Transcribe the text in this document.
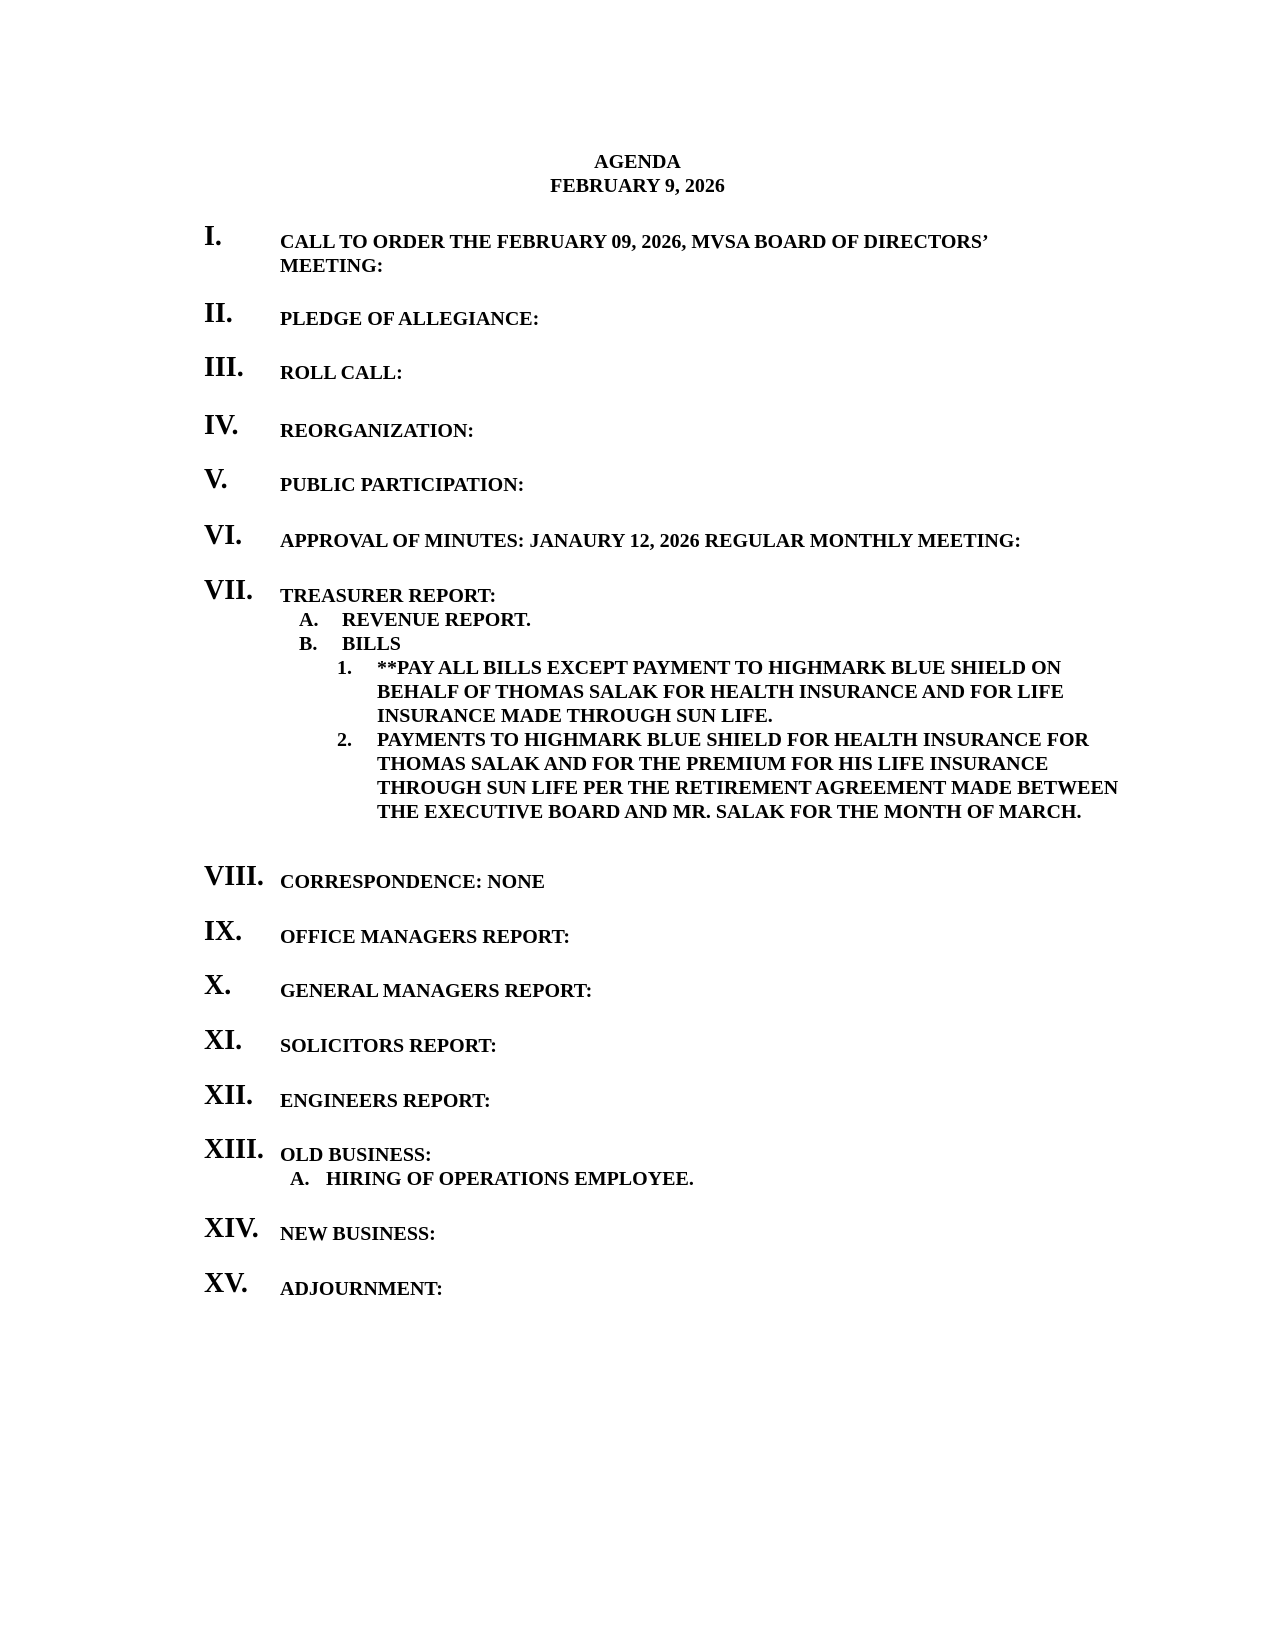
AGENDA
FEBRUARY 9, 2026
I.	CALL TO ORDER THE FEBRUARY 09, 2026, MVSA BOARD OF DIRECTORS’ MEETING:
II. PLEDGE OF ALLEGIANCE:
III. ROLL CALL:
IV. REORGANIZATION:
V.	PUBLIC PARTICIPATION:
VI. APPROVAL OF MINUTES: JANAURY 12, 2026 REGULAR MONTHLY MEETING:
VII. TREASURER REPORT:
A. REVENUE REPORT.
B. BILLS
1. **PAY ALL BILLS EXCEPT PAYMENT TO HIGHMARK BLUE SHIELD ON BEHALF OF THOMAS SALAK FOR HEALTH INSURANCE AND FOR LIFE INSURANCE MADE THROUGH SUN LIFE.
2. PAYMENTS TO HIGHMARK BLUE SHIELD FOR HEALTH INSURANCE FOR THOMAS SALAK AND FOR THE PREMIUM FOR HIS LIFE INSURANCE THROUGH SUN LIFE PER THE RETIREMENT AGREEMENT MADE BETWEEN THE EXECUTIVE BOARD AND MR. SALAK FOR THE MONTH OF MARCH.
VIII. CORRESPONDENCE: NONE
IX. OFFICE MANAGERS REPORT:
X. GENERAL MANAGERS REPORT:
XI. SOLICITORS REPORT:
XII. ENGINEERS REPORT:
XIII. OLD BUSINESS:
A. HIRING OF OPERATIONS EMPLOYEE.
XIV. NEW BUSINESS:
XV. ADJOURNMENT:
